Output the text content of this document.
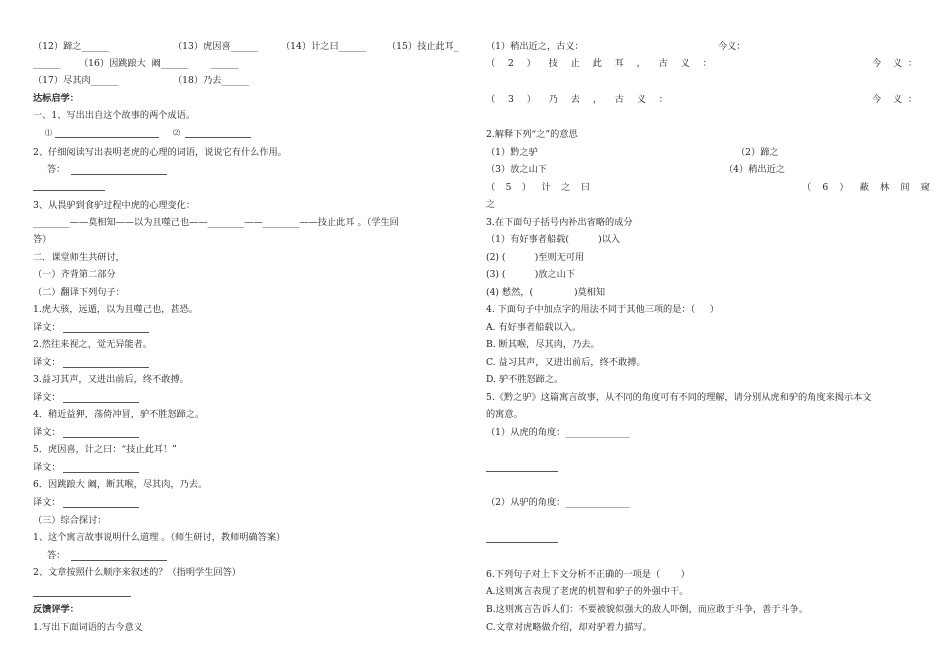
（12）蹄之______	（13）虎因喜______ （14）计之曰______ （15）技止此耳_
______ （16）因跳踉大  阚______ ______
（17）尽其肉______	（18）乃去______
达标启学：
一、1、写出出自这个故事的两个成语。
⑴	⑵
2、仔细阅读写出表明老虎的心理的词语，说说它有什么作用。
答：
3、从畏驴到食驴过程中虎的心理变化：
________——莫相知——以为且噬己也——________——________——技止此耳 。（学生回
答）
二．课堂师生共研讨，
（一）齐背第二部分
（二）翻译下列句子：
1.虎大骇，远遁，以为且噬己也，甚恐。
译文：
2.然往来视之，觉无异能者。
译文：
3.益习其声，又进出前后，终不敢搏。
译文：
4．稍近益狎，荡倚冲冒，驴不胜怒蹄之。
译文：
5．虎因喜，计之曰：“技止此耳！”
译文：
6．因跳踉大 阚，断其喉，尽其肉，乃去。
译文：
（三）综合探讨：
1、这个寓言故事说明什么道理 。（师生研讨，教师明确答案）
答：
2、文章按照什么顺序来叙述的？（指明学生回答）
反馈评学：
1.写出下面词语的古今意义
（1）稍出近之，古义：	今义：
（ 2 ） 技 止 此 耳 ， 古 义 ：	今    义  ：
（ 3 ） 乃 去 ， 古 义 ：	今    义  ：
2.解释下列“之”的意思
（1）黔之驴	（2）蹄之
（3）放之山下	（4）稍出近之
（ 5 ） 计 之 曰	（ 6 ） 蔽 林 间 窥
之
3.在下面句子括号内补出省略的成分
（1）有好事者船载(          )以入
(2) (          )至则无可用
(3) (          )放之山下
(4) 憖然，(              )莫相知
4. 下面句子中加点字的用法不同于其他三项的是：（     ）
A. 有好事者船载以入。
B. 断其喉，尽其肉，乃去。
C. 益习其声，又进出前后，终不敢搏。
D. 驴不胜怒蹄之。
5.《黔之驴》这篇寓言故事，从不同的角度可有不同的理解，请分别从虎和驴的角度来揭示本文
的寓意。
（1）从虎的角度：______________
（2）从驴的角度：______________
6.下列句子对上下文分析不正确的一项是（       ）
A.这则寓言表现了老虎的机智和驴子的外强中干。
B.这则寓言告诉人们：不要被貌似强大的敌人吓倒，而应敢于斗争，善于斗争。
C.文章对虎略做介绍，却对驴着力描写。
